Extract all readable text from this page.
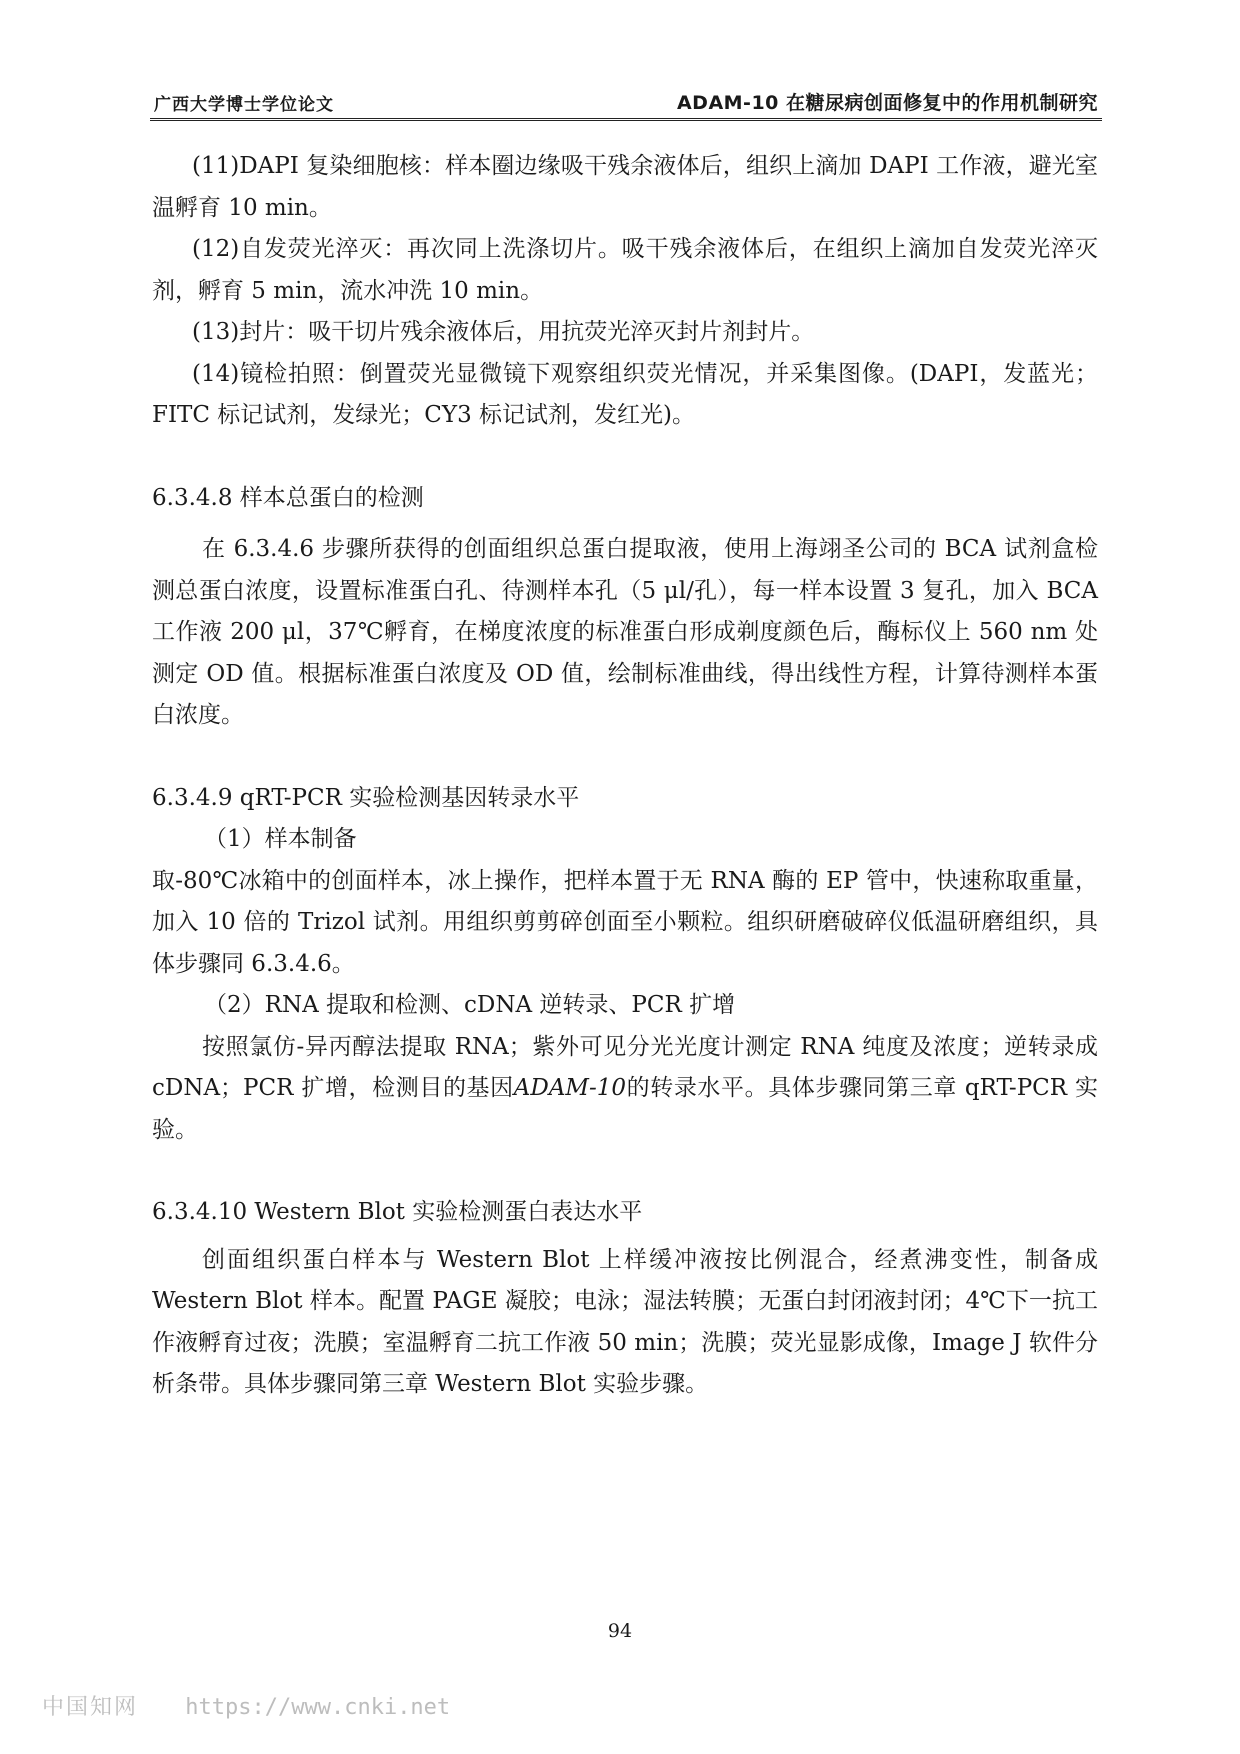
广西大学博士学位论文	ADAM-10 在糖尿病创面修复中的作用机制研究

(11)DAPI 复染细胞核：样本圈边缘吸干残余液体后，组织上滴加 DAPI 工作液，避光室温孵育 10 min。

(12)自发荧光淬灭：再次同上洗涤切片。吸干残余液体后，在组织上滴加自发荧光淬灭剂，孵育 5 min，流水冲洗 10 min。

(13)封片：吸干切片残余液体后，用抗荧光淬灭封片剂封片。

(14)镜检拍照：倒置荧光显微镜下观察组织荧光情况，并采集图像。(DAPI，发蓝光；FITC 标记试剂，发绿光；CY3 标记试剂，发红光)。

6.3.4.8 样本总蛋白的检测

在 6.3.4.6 步骤所获得的创面组织总蛋白提取液，使用上海翊圣公司的 BCA 试剂盒检测总蛋白浓度，设置标准蛋白孔、待测样本孔（5 μl/孔），每一样本设置 3 复孔，加入 BCA 工作液 200 μl，37℃孵育，在梯度浓度的标准蛋白形成剃度颜色后，酶标仪上 560 nm 处测定 OD 值。根据标准蛋白浓度及 OD 值，绘制标准曲线，得出线性方程，计算待测样本蛋白浓度。

6.3.4.9 qRT-PCR 实验检测基因转录水平

（1）样本制备

取-80℃冰箱中的创面样本，冰上操作，把样本置于无 RNA 酶的 EP 管中，快速称取重量，加入 10 倍的 Trizol 试剂。用组织剪剪碎创面至小颗粒。组织研磨破碎仪低温研磨组织，具体步骤同 6.3.4.6。

（2）RNA 提取和检测、cDNA 逆转录、PCR 扩增

按照氯仿-异丙醇法提取 RNA；紫外可见分光光度计测定 RNA 纯度及浓度；逆转录成 cDNA；PCR 扩增，检测目的基因ADAM-10的转录水平。具体步骤同第三章 qRT-PCR 实验。

6.3.4.10 Western Blot 实验检测蛋白表达水平

创面组织蛋白样本与 Western Blot 上样缓冲液按比例混合，经煮沸变性，制备成 Western Blot 样本。配置 PAGE 凝胶；电泳；湿法转膜；无蛋白封闭液封闭；4℃下一抗工作液孵育过夜；洗膜；室温孵育二抗工作液 50 min；洗膜；荧光显影成像，Image J 软件分析条带。具体步骤同第三章 Western Blot 实验步骤。

94
中国知网 https://www.cnki.net
